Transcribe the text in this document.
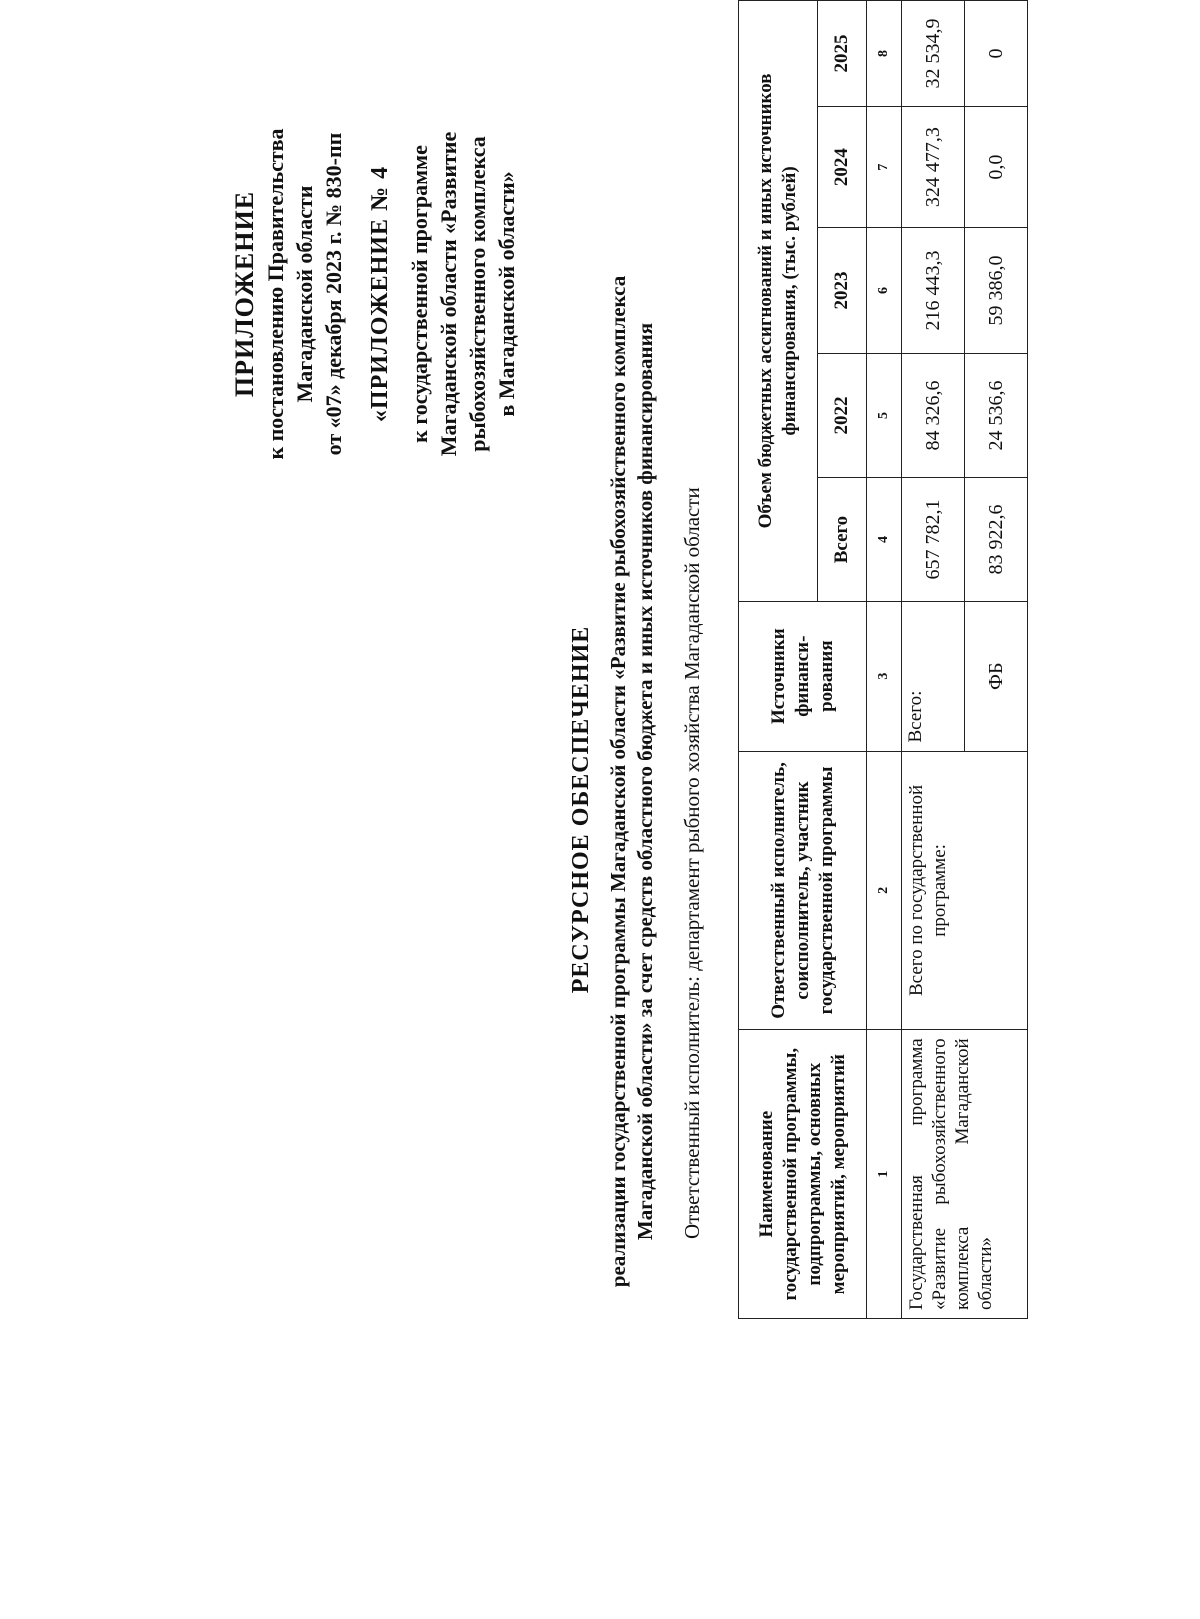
ПРИЛОЖЕНИЕ к постановлению Правительства Магаданской области от «07» декабря 2023 г. № 830-пп «ПРИЛОЖЕНИЕ № 4 к государственной программе Магаданской области «Развитие рыбохозяйственного комплекса в Магаданской области»
РЕСУРСНОЕ ОБЕСПЕЧЕНИЕ реализации государственной программы Магаданской области «Развитие рыбохозяйственного комплекса Магаданской области» за счет средств областного бюджета и иных источников финансирования Ответственный исполнитель: департамент рыбного хозяйства Магаданской области	Наименование государственной программы, подпрограммы, основных мероприятий, мероприятий	Ответственный исполнитель, соисполнитель, участник государственной программы	Источники финанси-рования	Объем бюджетных ассигнований и иных источников финансирования, (тыс. рублей)				
			Всего	2022	2023	2024	2025
1	2	3	4	5	6	7	8
Государственная программа «Развитие рыбохозяйственного комплекса Магаданской области»	Всего по государственной программе:	Всего:	657 782,1	84 326,6	216 443,3	324 477,3	32 534,9
		ФБ	83 922,6	24 536,6	59 386,0	0,0	0
